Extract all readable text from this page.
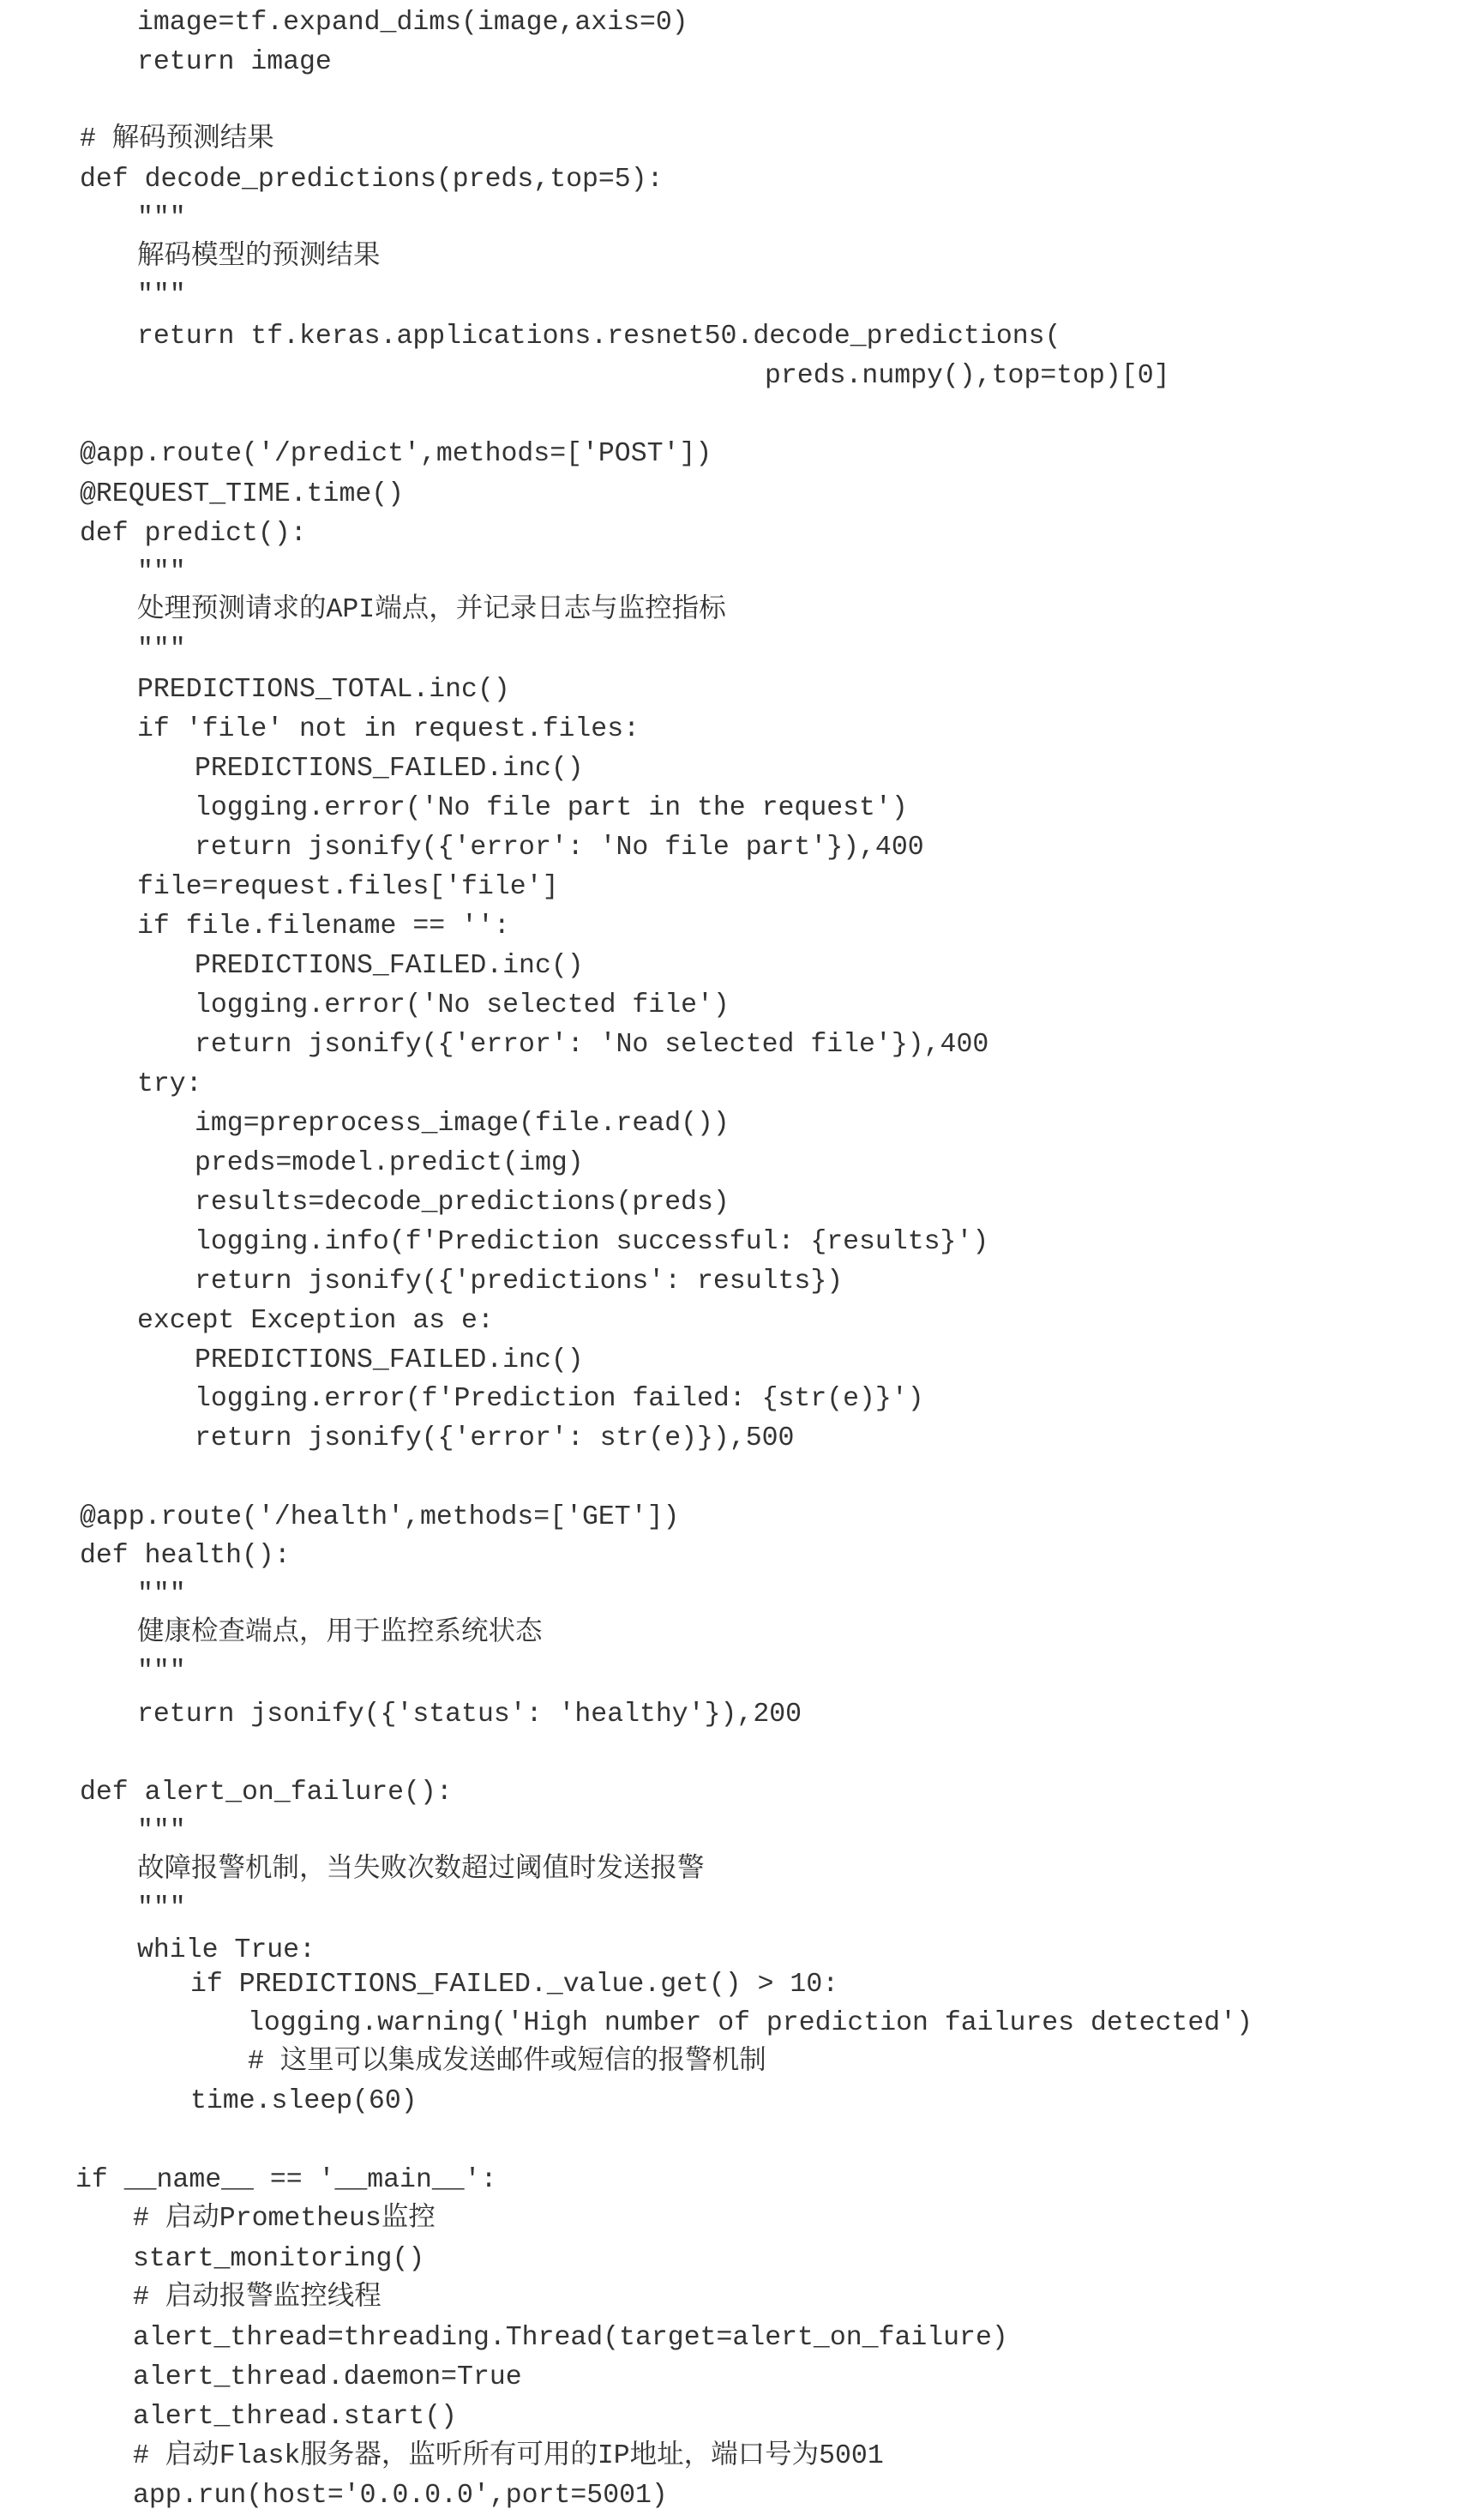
image=tf.expand_dims(image,axis=0)
return image
# 解码预测结果
def decode_predictions(preds,top=5):
"""
解码模型的预测结果
"""
return tf.keras.applications.resnet50.decode_predictions(
preds.numpy(),top=top)[0]
@app.route('/predict',methods=['POST'])
@REQUEST_TIME.time()
def predict():
"""
处理预测请求的API端点，并记录日志与监控指标
"""
PREDICTIONS_TOTAL.inc()
if 'file' not in request.files:
PREDICTIONS_FAILED.inc()
logging.error('No file part in the request')
return jsonify({'error': 'No file part'}),400
file=request.files['file']
if file.filename == '':
PREDICTIONS_FAILED.inc()
logging.error('No selected file')
return jsonify({'error': 'No selected file'}),400
try:
img=preprocess_image(file.read())
preds=model.predict(img)
results=decode_predictions(preds)
logging.info(f'Prediction successful: {results}')
return jsonify({'predictions': results})
except Exception as e:
PREDICTIONS_FAILED.inc()
logging.error(f'Prediction failed: {str(e)}')
return jsonify({'error': str(e)}),500
@app.route('/health',methods=['GET'])
def health():
"""
健康检查端点，用于监控系统状态
"""
return jsonify({'status': 'healthy'}),200
def alert_on_failure():
"""
故障报警机制，当失败次数超过阈值时发送报警
"""
while True:
if PREDICTIONS_FAILED._value.get() > 10:
logging.warning('High number of prediction failures detected')
# 这里可以集成发送邮件或短信的报警机制
time.sleep(60)
if __name__ == '__main__':
# 启动Prometheus监控
start_monitoring()
# 启动报警监控线程
alert_thread=threading.Thread(target=alert_on_failure)
alert_thread.daemon=True
alert_thread.start()
# 启动Flask服务器，监听所有可用的IP地址，端口号为5001
app.run(host='0.0.0.0',port=5001)
